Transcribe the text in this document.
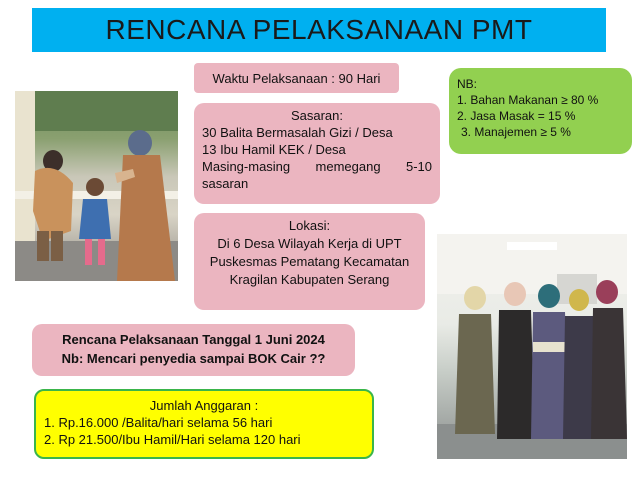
RENCANA PELAKSANAAN PMT
Waktu Pelaksanaan : 90 Hari
Sasaran:
30 Balita Bermasalah Gizi / Desa
13 Ibu Hamil KEK / Desa
Masing-masing memegang 5-10
sasaran
NB:
1. Bahan Makanan ≥ 80 %
2. Jasa Masak = 15 %
3. Manajemen ≥ 5 %
Lokasi:
Di 6 Desa Wilayah Kerja di UPT Puskesmas Pematang Kecamatan Kragilan Kabupaten Serang
Rencana Pelaksanaan Tanggal 1 Juni 2024
Nb: Mencari penyedia sampai BOK Cair ??
Jumlah Anggaran :
1. Rp.16.000 /Balita/hari selama 56 hari
2. Rp 21.500/Ibu Hamil/Hari selama 120 hari
